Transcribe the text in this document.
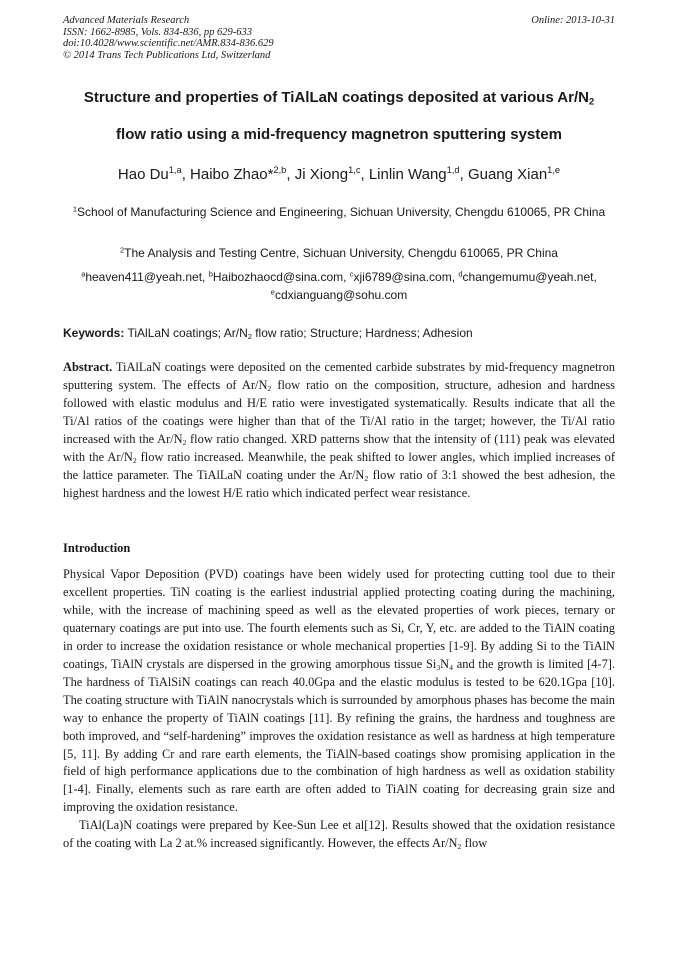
Advanced Materials Research
ISSN: 1662-8985, Vols. 834-836, pp 629-633
doi:10.4028/www.scientific.net/AMR.834-836.629
© 2014 Trans Tech Publications Ltd, Switzerland
Online: 2013-10-31
Structure and properties of TiAlLaN coatings deposited at various $Ar/N_2$
flow ratio using a mid-frequency magnetron sputtering system
Hao Du$^{1,a}$, Haibo Zhao*$^{2,b}$, Ji Xiong$^{1,c}$, Linlin Wang$^{1,d}$, Guang Xian$^{1,e}$
$^1$School of Manufacturing Science and Engineering, Sichuan University, Chengdu 610065, PR China
$^2$The Analysis and Testing Centre, Sichuan University, Chengdu 610065, PR China
$^a$heaven411@yeah.net, $^b$Haibozhaocd@sina.com, $^c$xji6789@sina.com, $^d$changemumu@yeah.net,
$^e$cdxianguang@sohu.com
Keywords: TiAlLaN coatings; $Ar/N_2$ flow ratio; Structure; Hardness; Adhesion

Abstract. TiAlLaN coatings were deposited on the cemented carbide substrates by mid-frequency magnetron sputtering system. The effects of $Ar/N_2$ flow ratio on the composition, structure, adhesion and hardness followed with elastic modulus and H/E ratio were investigated systematically. Results indicate that all the Ti/Al ratios of the coatings were higher than that of the Ti/Al ratio in the target; however, the Ti/Al ratio increased with the $Ar/N_2$ flow ratio changed. XRD patterns show that the intensity of (111) peak was elevated with the $Ar/N_2$ flow ratio increased. Meanwhile, the peak shifted to lower angles, which implied increases of the lattice parameter. The TiAlLaN coating under the $Ar/N_2$ flow ratio of 3:1 showed the best adhesion, the highest hardness and the lowest H/E ratio which indicated perfect wear resistance.

Introduction

Physical Vapor Deposition (PVD) coatings have been widely used for protecting cutting tool due to their excellent properties. TiN coating is the earliest industrial applied protecting coating during the machining, while, with the increase of machining speed as well as the elevated properties of work pieces, ternary or quaternary coatings are put into use. The fourth elements such as Si, Cr, Y, etc. are added to the TiAlN coating in order to increase the oxidation resistance or whole mechanical properties [1-9]. By adding Si to the TiAlN coatings, TiAlN crystals are dispersed in the growing amorphous tissue $Si_3N_4$ and the growth is limited [4-7]. The hardness of TiAlSiN coatings can reach 40.0Gpa and the elastic modulus is tested to be 620.1Gpa [10]. The coating structure with TiAlN nanocrystals which is surrounded by amorphous phases has become the main way to enhance the property of TiAlN coatings [11]. By refining the grains, the hardness and toughness are both improved, and “self-hardening” improves the oxidation resistance as well as hardness at high temperature [5, 11]. By adding Cr and rare earth elements, the TiAlN-based coatings show promising application in the field of high performance applications due to the combination of high hardness as well as oxidation stability [1-4]. Finally, elements such as rare earth are often added to TiAlN coating for decreasing grain size and improving the oxidation resistance.

TiAl(La)N coatings were prepared by Kee-Sun Lee et al[12]. Results showed that the oxidation resistance of the coating with La 2 at.% increased significantly. However, the effects $Ar/N_2$ flow
